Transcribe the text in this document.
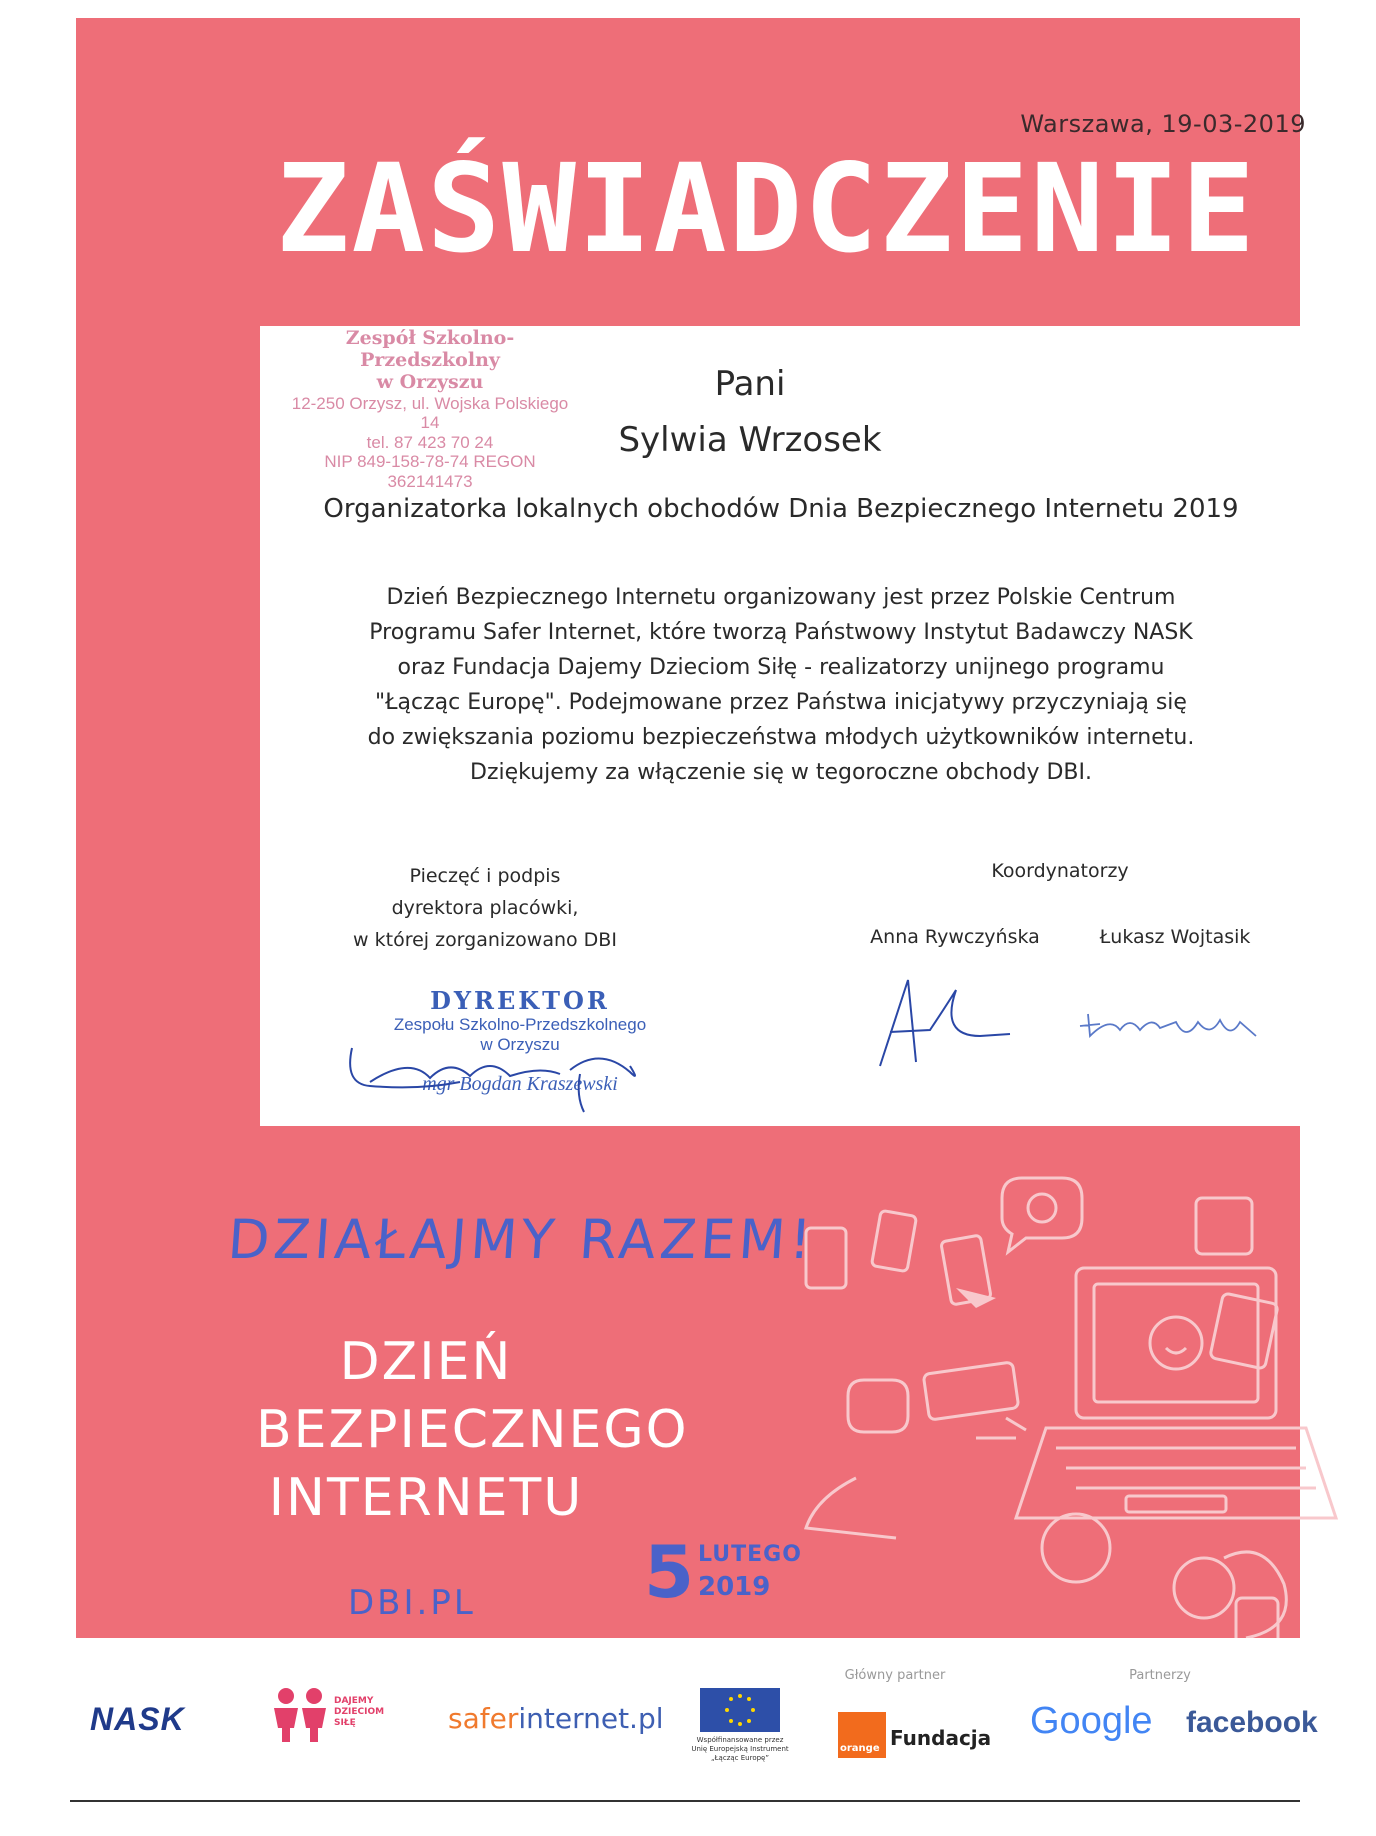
Warszawa, 19-03-2019
ZAŚWIADCZENIE
Zespół Szkolno-Przedszkolny
w Orzyszu
12-250 Orzysz, ul. Wojska Polskiego 14
tel. 87 423 70 24
NIP 849-158-78-74 REGON 362141473
Pani
Sylwia Wrzosek
Organizatorka lokalnych obchodów Dnia Bezpiecznego Internetu 2019
Dzień Bezpiecznego Internetu organizowany jest przez Polskie Centrum
Programu Safer Internet, które tworzą Państwowy Instytut Badawczy NASK
oraz Fundacja Dajemy Dzieciom Siłę - realizatorzy unijnego programu
"Łącząc Europę". Podejmowane przez Państwa inicjatywy przyczyniają się
do zwiększania poziomu bezpieczeństwa młodych użytkowników internetu.
Dziękujemy za włączenie się w tegoroczne obchody DBI.
Pieczęć i podpis
dyrektora placówki,
w której zorganizowano DBI
Koordynatorzy
Anna Rywczyńska	Łukasz Wojtasik
DYREKTOR
Zespołu Szkolno-Przedszkolnego
w Orzyszu
mgr Bogdan Kraszewski
DZIAŁAJMY RAZEM!
DZIEŃ
BEZPIECZNEGO
INTERNETU
DBI.PL 5 LUTEGO
2019
NASK	DAJEMY DZIECIOM SIŁĘ	saferinternet.pl
Współfinansowane przez Unię Europejską Instrument „Łącząc Europę”
Główny partner
orange Fundacja
Partnerzy
Google facebook
